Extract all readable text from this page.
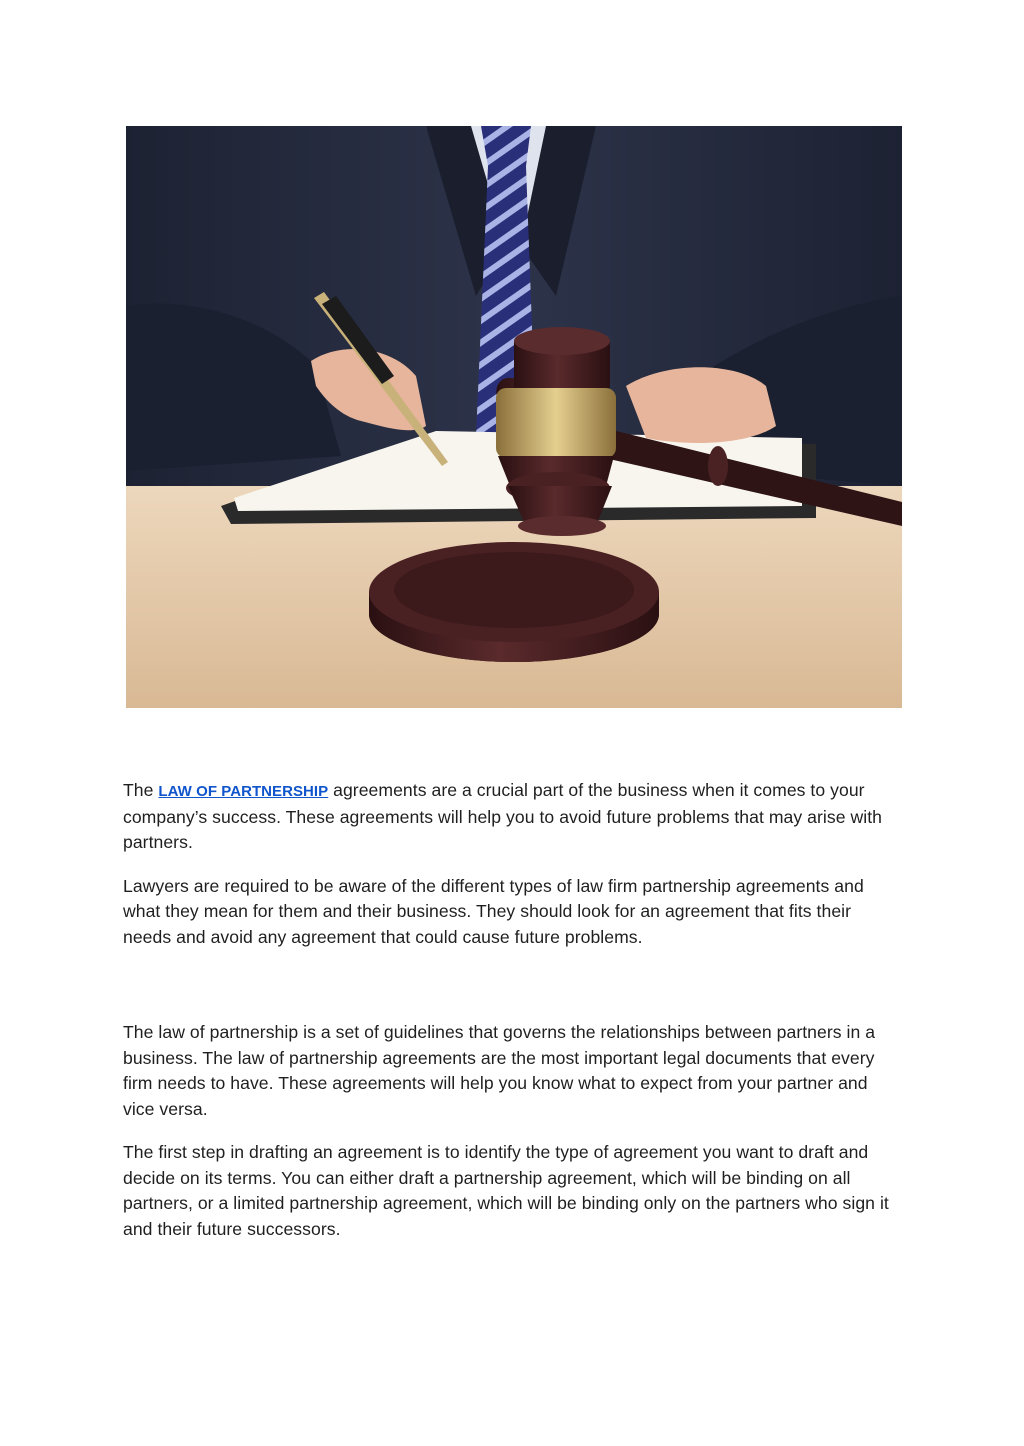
The LAW OF PARTNERSHIP agreements are a crucial part of the business when it comes to your company’s success. These agreements will help you to avoid future problems that may arise with partners.

Lawyers are required to be aware of the different types of law firm partnership agreements and what they mean for them and their business. They should look for an agreement that fits their needs and avoid any agreement that could cause future problems.

The law of partnership is a set of guidelines that governs the relationships between partners in a business. The law of partnership agreements are the most important legal documents that every firm needs to have. These agreements will help you know what to expect from your partner and vice versa.

The first step in drafting an agreement is to identify the type of agreement you want to draft and decide on its terms. You can either draft a partnership agreement, which will be binding on all partners, or a limited partnership agreement, which will be binding only on the partners who sign it and their future successors.
